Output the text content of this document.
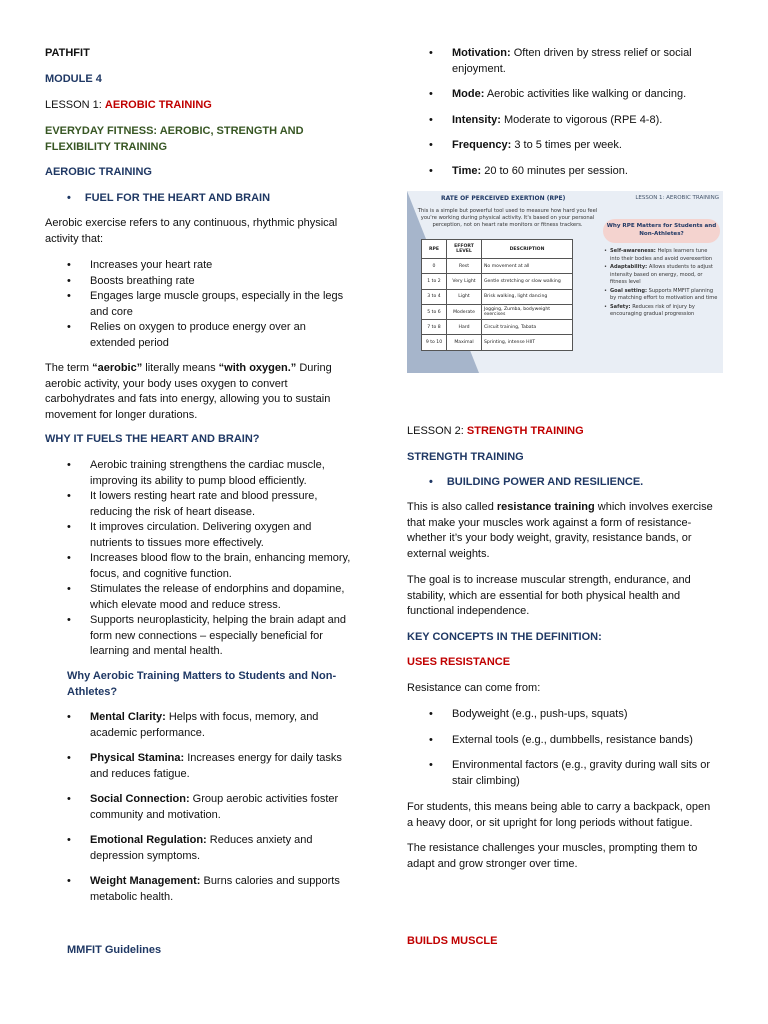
PATHFIT

MODULE 4

LESSON 1: AEROBIC TRAINING

EVERYDAY FITNESS: AEROBIC, STRENGTH AND
FLEXIBILITY TRAINING

AEROBIC TRAINING

• FUEL FOR THE HEART AND BRAIN

Aerobic exercise refers to any continuous, rhythmic physical
activity that:

• Increases your heart rate
• Boosts breathing rate
• Engages large muscle groups, especially in the legs
and core
• Relies on oxygen to produce energy over an
extended period

The term “aerobic” literally means “with oxygen.” During
aerobic activity, your body uses oxygen to convert
carbohydrates and fats into energy, allowing you to sustain
movement for longer durations.

WHY IT FUELS THE HEART AND BRAIN?

• Aerobic training strengthens the cardiac muscle,
improving its ability to pump blood efficiently.
• It lowers resting heart rate and blood pressure,
reducing the risk of heart disease.
• It improves circulation. Delivering oxygen and
nutrients to tissues more effectively.
• Increases blood flow to the brain, enhancing memory,
focus, and cognitive function.
• Stimulates the release of endorphins and dopamine,
which elevate mood and reduce stress.
• Supports neuroplasticity, helping the brain adapt and
form new connections – especially beneficial for
learning and mental health.

Why Aerobic Training Matters to Students and Non-
Athletes?

• Mental Clarity: Helps with focus, memory, and
academic performance.
• Physical Stamina: Increases energy for daily tasks
and reduces fatigue.
• Social Connection: Group aerobic activities foster
community and motivation.
• Emotional Regulation: Reduces anxiety and
depression symptoms.
• Weight Management: Burns calories and supports
metabolic health.

MMFIT Guidelines

• Motivation: Often driven by stress relief or social
enjoyment.
• Mode: Aerobic activities like walking or dancing.
• Intensity: Moderate to vigorous (RPE 4-8).
• Frequency: 3 to 5 times per week.
• Time: 20 to 60 minutes per session.
RATE OF PERCEIVED EXERTION (RPE)	LESSON 1: AEROBIC TRAINING
This is a simple but powerful tool used to measure how hard you feel you're working during physical activity. It's based on your personal perception, not on heart rate monitors or fitness trackers.
RPE	EFFORT LEVEL	DESCRIPTION
0	Rest	No movement at all
1 to 2	Very Light	Gentle stretching or slow walking
3 to 4	Light	Brisk walking, light dancing
5 to 6	Moderate	Jogging, Zumba, bodyweight exercises
7 to 8	Hard	Circuit training, Tabata
9 to 10	Maximal	Sprinting, intense HIIT
Why RPE Matters for Students and
Non-Athletes?
• Self-awareness: Helps learners tune into their bodies and avoid overexertion
• Adaptability: Allows students to adjust intensity based on energy, mood, or fitness level
• Goal setting: Supports MMFIT planning by matching effort to motivation and time
• Safety: Reduces risk of injury by encouraging gradual progression

LESSON 2: STRENGTH TRAINING

STRENGTH TRAINING

• BUILDING POWER AND RESILIENCE.

This is also called resistance training which involves exercise
that make your muscles work against a form of resistance-
whether it’s your body weight, gravity, resistance bands, or
external weights.

The goal is to increase muscular strength, endurance, and
stability, which are essential for both physical health and
functional independence.

KEY CONCEPTS IN THE DEFINITION:

USES RESISTANCE

Resistance can come from:

• Bodyweight (e.g., push-ups, squats)
• External tools (e.g., dumbbells, resistance bands)
• Environmental factors (e.g., gravity during wall sits or
stair climbing)

For students, this means being able to carry a backpack, open
a heavy door, or sit upright for long periods without fatigue.

The resistance challenges your muscles, prompting them to
adapt and grow stronger over time.

BUILDS MUSCLE
